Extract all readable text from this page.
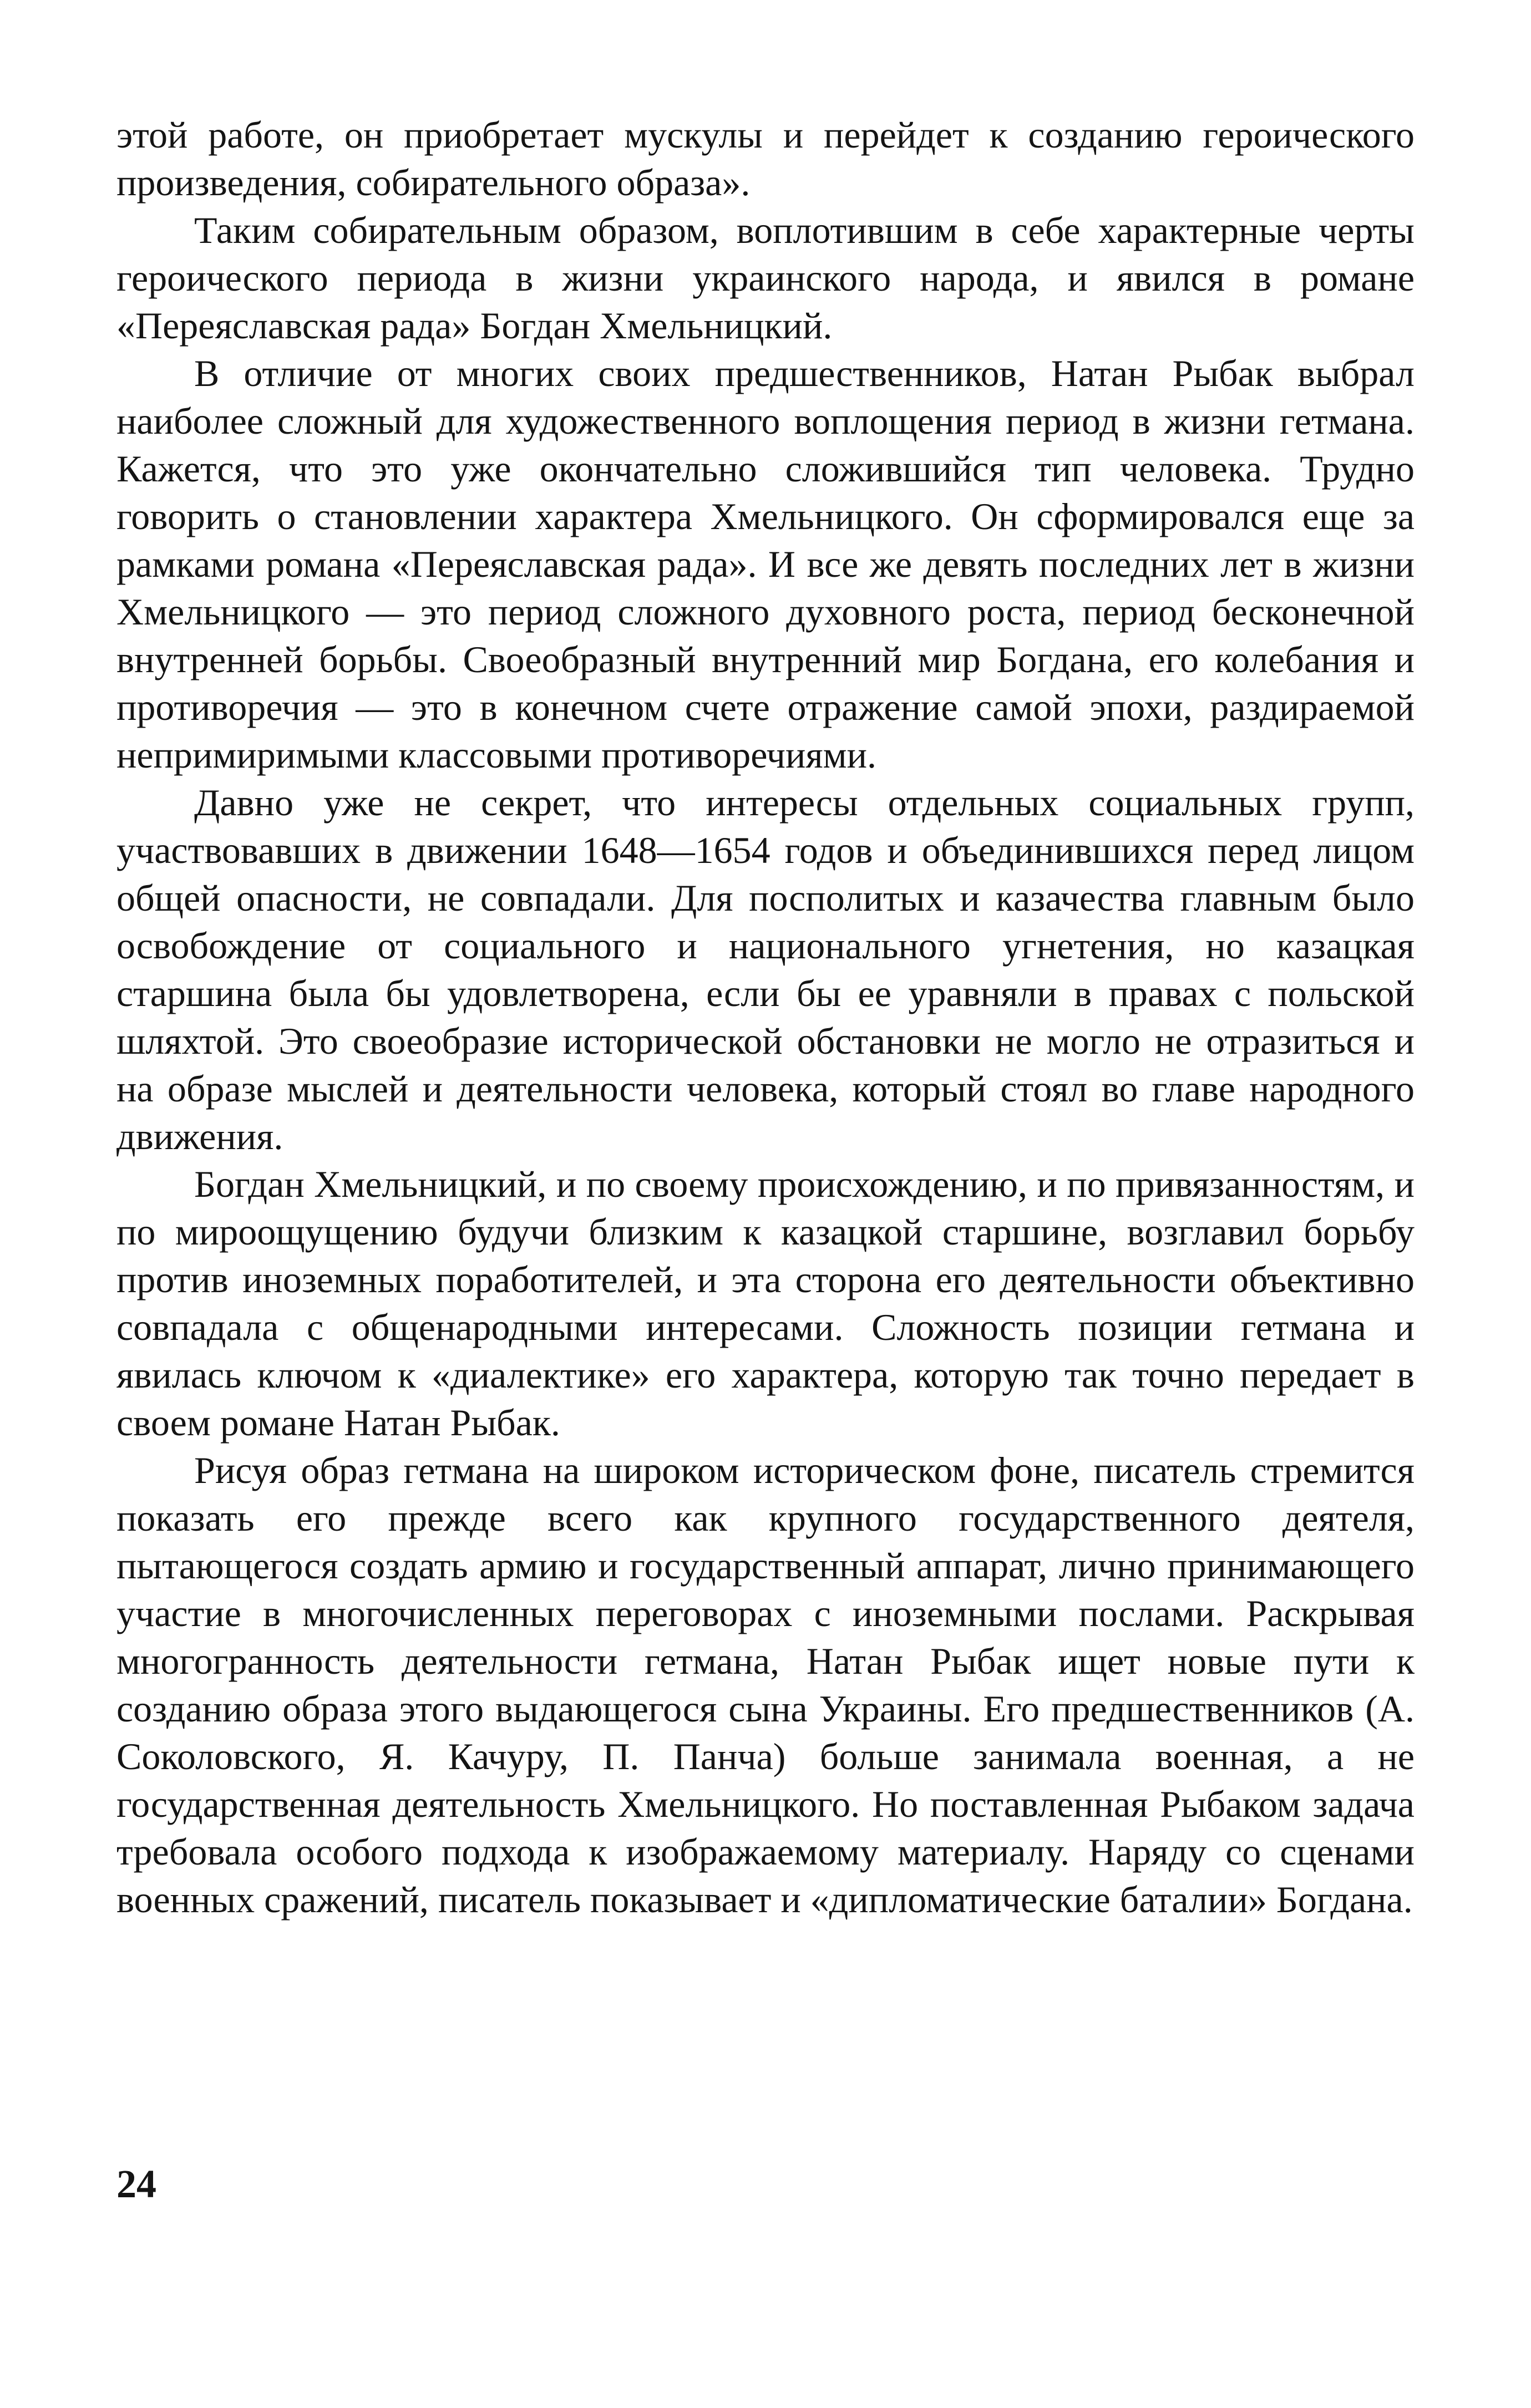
этой работе, он приобретает мускулы и перейдет к созданию героического произведения, собирательного образа».

Таким собирательным образом, воплотившим в себе характерные черты героического периода в жизни украинского народа, и явился в романе «Переяславская рада» Богдан Хмельницкий.

В отличие от многих своих предшественников, Натан Рыбак выбрал наиболее сложный для художественного воплощения период в жизни гетмана. Кажется, что это уже окончательно сложившийся тип человека. Трудно говорить о становлении характера Хмельницкого. Он сформировался еще за рамками романа «Переяславская рада». И все же девять последних лет в жизни Хмельницкого — это период сложного духовного роста, период бесконечной внутренней борьбы. Своеобразный внутренний мир Богдана, его колебания и противоречия — это в конечном счете отражение самой эпохи, раздираемой непримиримыми классовыми противоречиями.

Давно уже не секрет, что интересы отдельных социальных групп, участвовавших в движении 1648—1654 годов и объединившихся перед лицом общей опасности, не совпадали. Для посполитых и казачества главным было освобождение от социального и национального угнетения, но казацкая старшина была бы удовлетворена, если бы ее уравняли в правах с польской шляхтой. Это своеобразие исторической обстановки не могло не отразиться и на образе мыслей и деятельности человека, который стоял во главе народного движения.

Богдан Хмельницкий, и по своему происхождению, и по привязанностям, и по мироощущению будучи близким к казацкой старшине, возглавил борьбу против иноземных поработителей, и эта сторона его деятельности объективно совпадала с общенародными интересами. Сложность позиции гетмана и явилась ключом к «диалектике» его характера, которую так точно передает в своем романе Натан Рыбак.

Рисуя образ гетмана на широком историческом фоне, писатель стремится показать его прежде всего как крупного государственного деятеля, пытающегося создать армию и государственный аппарат, лично принимающего участие в многочисленных переговорах с иноземными послами. Раскрывая многогранность деятельности гетмана, Натан Рыбак ищет новые пути к созданию образа этого выдающегося сына Украины. Его предшественников (А. Соколовского, Я. Качуру, П. Панча) больше занимала военная, а не государственная деятельность Хмельницкого. Но поставленная Рыбаком задача требовала особого подхода к изображаемому материалу. Наряду со сценами военных сражений, писатель показывает и «дипломатические баталии» Богдана.

24
